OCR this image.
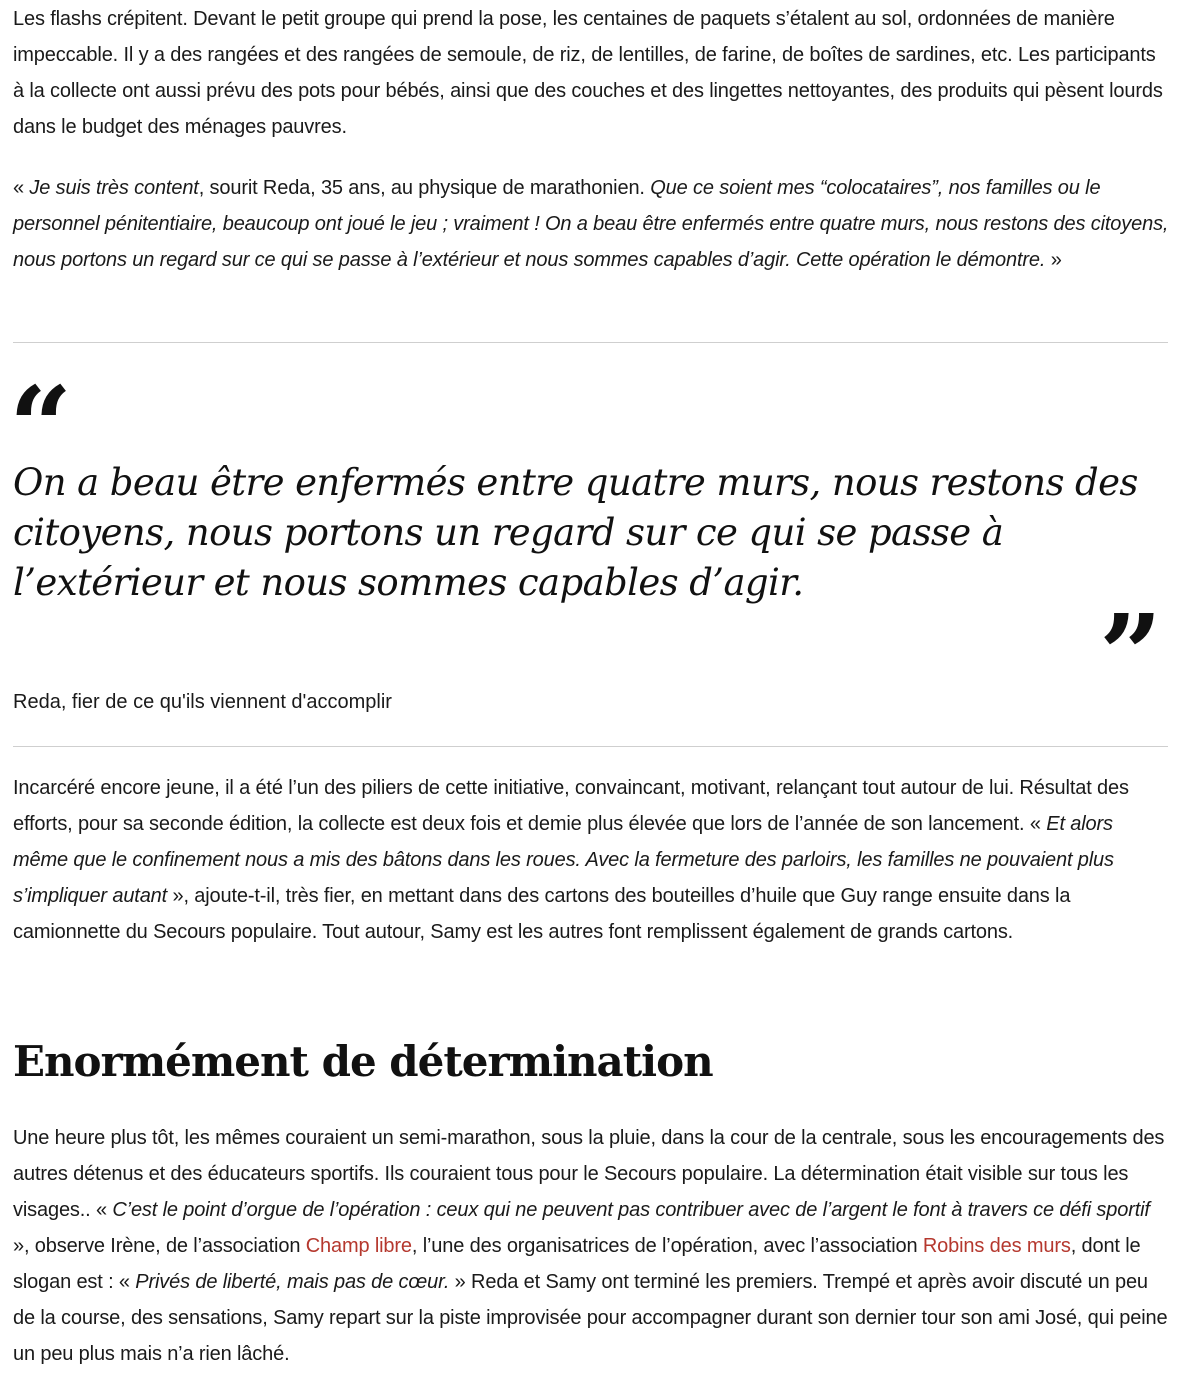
Les flashs crépitent. Devant le petit groupe qui prend la pose, les centaines de paquets s’étalent au sol, ordonnées de manière impeccable. Il y a des rangées et des rangées de semoule, de riz, de lentilles, de farine, de boîtes de sardines, etc. Les participants à la collecte ont aussi prévu des pots pour bébés, ainsi que des couches et des lingettes nettoyantes, des produits qui pèsent lourds dans le budget des ménages pauvres.

« Je suis très content, sourit Reda, 35 ans, au physique de marathonien. Que ce soient mes “colocataires”, nos familles ou le personnel pénitentiaire, beaucoup ont joué le jeu ; vraiment ! On a beau être enfermés entre quatre murs, nous restons des citoyens, nous portons un regard sur ce qui se passe à l’extérieur et nous sommes capables d’agir. Cette opération le démontre. »

“

On a beau être enfermés entre quatre murs, nous restons des citoyens, nous portons un regard sur ce qui se passe à l’extérieur et nous sommes capables d’agir.

”

Reda, fier de ce qu'ils viennent d'accomplir

Incarcéré encore jeune, il a été l’un des piliers de cette initiative, convaincant, motivant, relançant tout autour de lui. Résultat des efforts, pour sa seconde édition, la collecte est deux fois et demie plus élevée que lors de l’année de son lancement. « Et alors même que le confinement nous a mis des bâtons dans les roues. Avec la fermeture des parloirs, les familles ne pouvaient plus s’impliquer autant », ajoute-t-il, très fier, en mettant dans des cartons des bouteilles d’huile que Guy range ensuite dans la camionnette du Secours populaire. Tout autour, Samy est les autres font remplissent également de grands cartons.

Enormément de détermination

Une heure plus tôt, les mêmes couraient un semi-marathon, sous la pluie, dans la cour de la centrale, sous les encouragements des autres détenus et des éducateurs sportifs. Ils couraient tous pour le Secours populaire. La détermination était visible sur tous les visages.. « C’est le point d’orgue de l’opération : ceux qui ne peuvent pas contribuer avec de l’argent le font à travers ce défi sportif », observe Irène, de l’association Champ libre, l’une des organisatrices de l’opération, avec l’association Robins des murs, dont le slogan est : « Privés de liberté, mais pas de cœur. » Reda et Samy ont terminé les premiers. Trempé et après avoir discuté un peu de la course, des sensations, Samy repart sur la piste improvisée pour accompagner durant son dernier tour son ami José, qui peine un peu plus mais n’a rien lâché.
